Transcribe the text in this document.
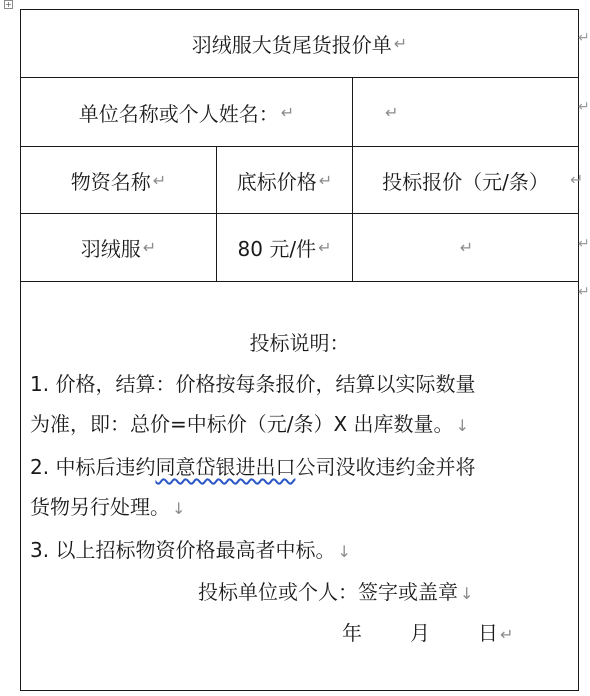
+
羽绒服大货尾货报价单 ↵
单位名称或个人姓名： ↵	↵
物资名称 ↵	底标价格 ↵ 投标报价（元/条）
羽绒服 ↵	80 元/件 ↵	↵
投标说明：
1. 价格，结算：价格按每条报价，结算以实际数量
为准，即：总价=中标价（元/条）X 出库数量。 ↓
2. 中标后违约同意岱银进出口公司没收违约金并将
货物另行处理。 ↓
3. 以上招标物资价格最高者中标。 ↓
投标单位或个人：签字或盖章 ↓
年 月 日 ↵
↵
↵
↵
↵
↵
